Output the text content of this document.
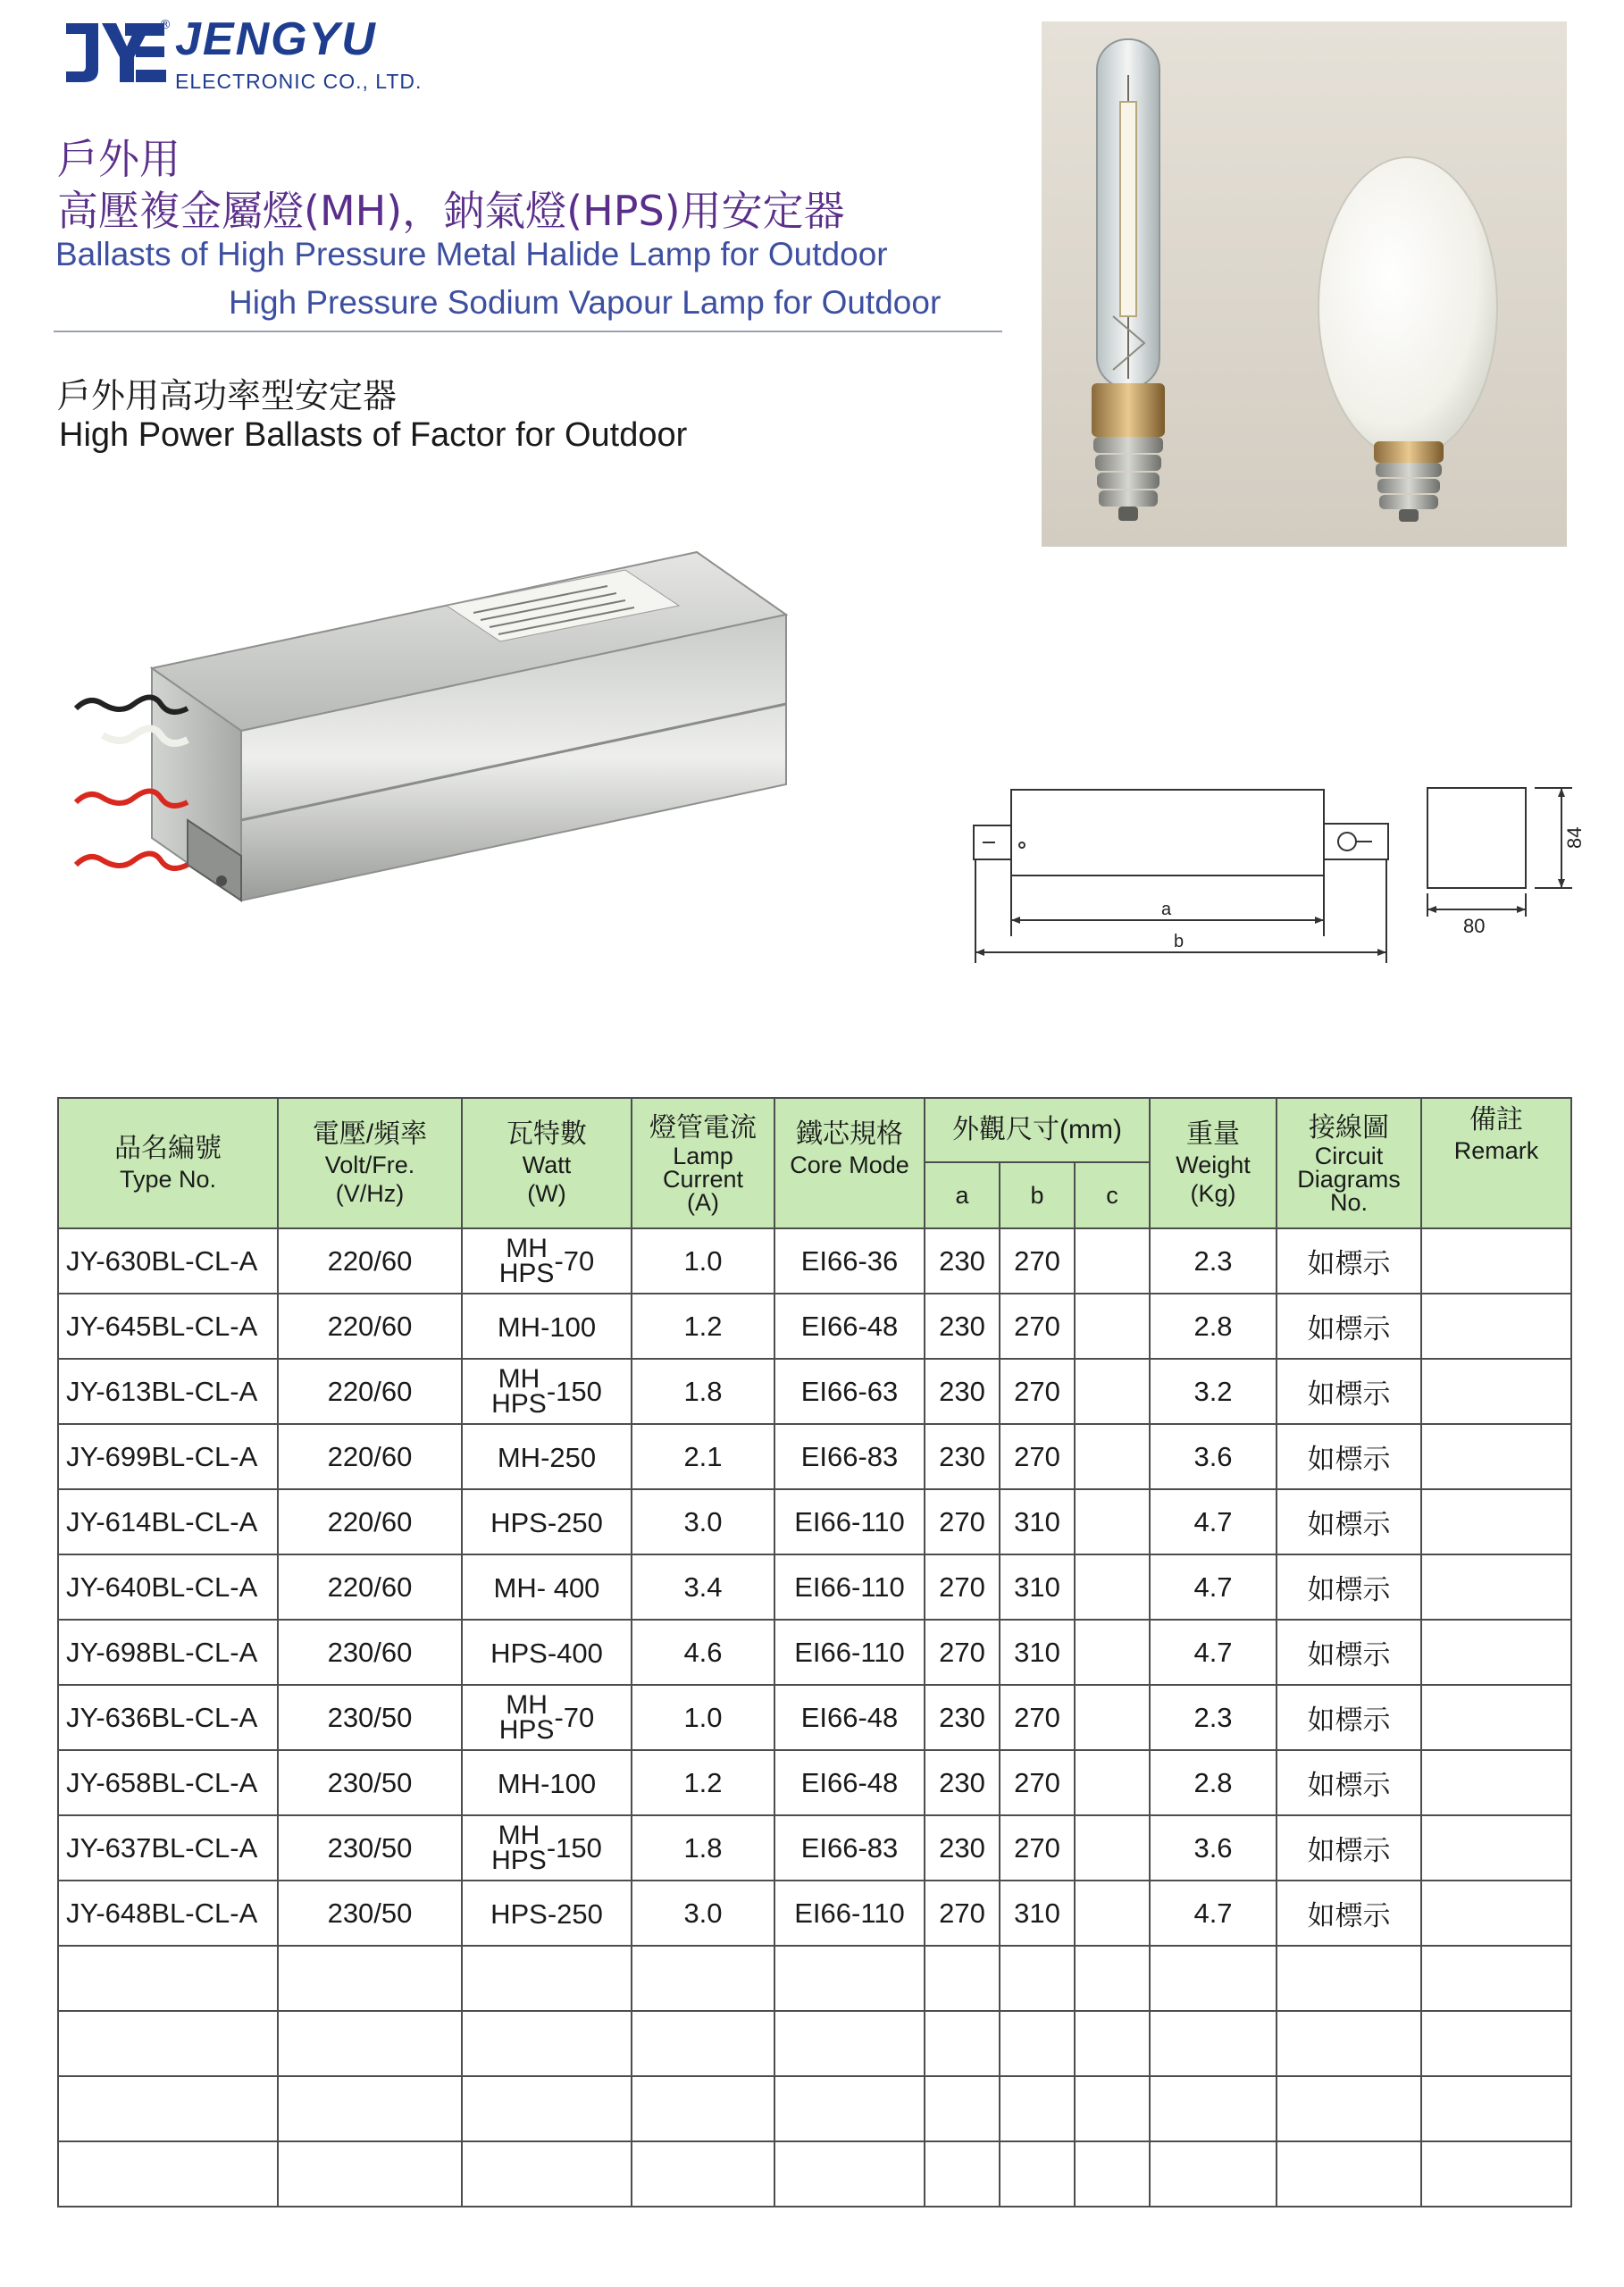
® JENGYU
ELECTRONIC CO., LTD.
戶外用
高壓複金屬燈(MH)，鈉氣燈(HPS)用安定器
Ballasts of High Pressure Metal Halide Lamp for Outdoor
High Pressure Sodium Vapour Lamp for Outdoor
戶外用高功率型安定器
High Power Ballasts of Factor for Outdoor
a
b
80
84
品名編號
Type No.	電壓/頻率
Volt/Fre.
(V/Hz)	瓦特數
Watt
(W)	燈管電流
Lamp
Current
(A)	鐵芯規格
Core Mode	外觀尺寸(mm)			重量
Weight
(Kg)	接線圖
Circuit
Diagrams
No.	備註
Remark

					a	b	c			

JY-630BL-CL-A	220/60	MH
HPS -70	1.0	EI66-36	230	270		2.3	如標示	
JY-645BL-CL-A	220/60	MH-100	1.2	EI66-48	230	270		2.8	如標示	
JY-613BL-CL-A	220/60	MH
HPS -150	1.8	EI66-63	230	270		3.2	如標示	
JY-699BL-CL-A	220/60	MH-250	2.1	EI66-83	230	270		3.6	如標示	
JY-614BL-CL-A	220/60	HPS-250	3.0	EI66-110	270	310		4.7	如標示	
JY-640BL-CL-A	220/60	MH- 400	3.4	EI66-110	270	310		4.7	如標示	
JY-698BL-CL-A	230/60	HPS-400	4.6	EI66-110	270	310		4.7	如標示	
JY-636BL-CL-A	230/50	MH
HPS -70	1.0	EI66-48	230	270		2.3	如標示	
JY-658BL-CL-A	230/50	MH-100	1.2	EI66-48	230	270		2.8	如標示	
JY-637BL-CL-A	230/50	MH
HPS -150	1.8	EI66-83	230	270		3.6	如標示	
JY-648BL-CL-A	230/50	HPS-250	3.0	EI66-110	270	310		4.7	如標示	
